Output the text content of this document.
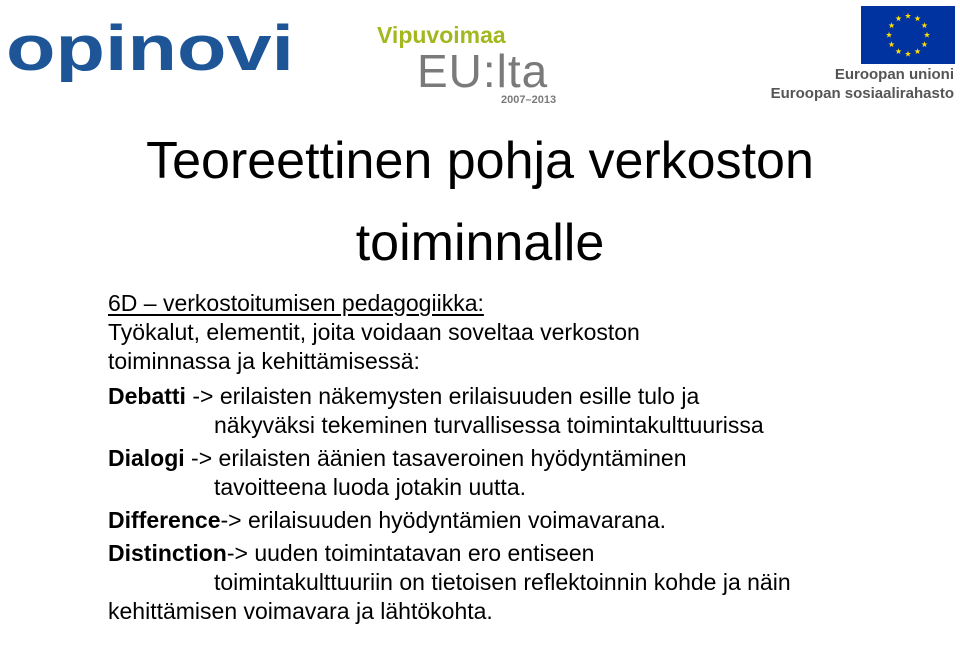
opinovi	Vipuvoimaa
EU:lta
2007–2013
Euroopan unioni
Euroopan sosiaalirahasto
Teoreettinen pohja verkoston
toiminnalle

6D – verkostoitumisen pedagogiikka:

Työkalut, elementit, joita voidaan soveltaa verkoston
toiminnassa ja kehittämisessä:

Debatti -> erilaisten näkemysten erilaisuuden esille tulo ja
näkyväksi tekeminen turvallisessa toimintakulttuurissa

Dialogi -> erilaisten äänien tasaveroinen hyödyntäminen
tavoitteena luoda jotakin uutta.

Difference-> erilaisuuden hyödyntämien voimavarana.

Distinction-> uuden toimintatavan ero entiseen
toimintakulttuuriin on tietoisen reflektoinnin kohde ja näin
kehittämisen voimavara ja lähtökohta.
